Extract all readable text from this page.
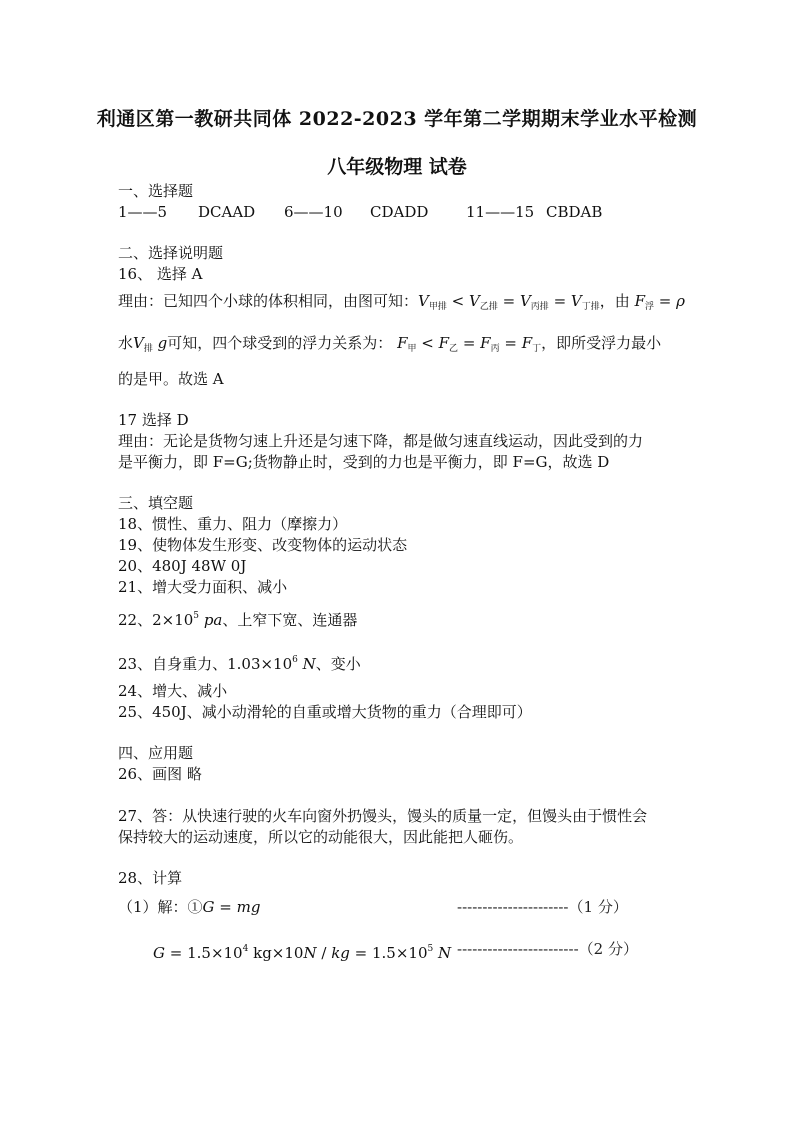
利通区第一教研共同体 2022-2023 学年第二学期期末学业水平检测
八年级物理 试卷
一、选择题
1——5 DCAAD 6——10 CDADD	11——15 CBDAB
二、选择说明题
16、 选择 A
理由：已知四个小球的体积相同，由图可知：$V_{甲排} < V_{乙排} = V_{丙排} = V_{丁排}$，由 $F_浮 = \rho$
水$V_排$ g可知，四个球受到的浮力关系为： $F_甲 < F_乙 = F_丙 = F_丁$，即所受浮力最小
的是甲。故选 A
17 选择 D
理由：无论是货物匀速上升还是匀速下降，都是做匀速直线运动，因此受到的力
是平衡力，即 F=G;货物静止时，受到的力也是平衡力，即 F=G，故选 D
三、填空题
18、惯性、重力、阻力（摩擦力）
19、使物体发生形变、改变物体的运动状态
20、480J 48W 0J
21、增大受力面积、减小
22、$2\times 10^5$ pa、上窄下宽、连通器
23、自身重力、$1.03\times 10^6$ N、变小
24、增大、减小
25、450J、减小动滑轮的自重或增大货物的重力（合理即可）
四、应用题
26、画图 略
27、答：从快速行驶的火车向窗外扔馒头，馒头的质量一定，但馒头由于惯性会
保持较大的运动速度，所以它的动能很大，因此能把人砸伤。
28、计算
（1）解：①G = mg	----------------------（1 分）
$G = 1.5\times 10^4$ kg×10N / kg = $1.5\times 10^5$ N ------------------------（2 分）
